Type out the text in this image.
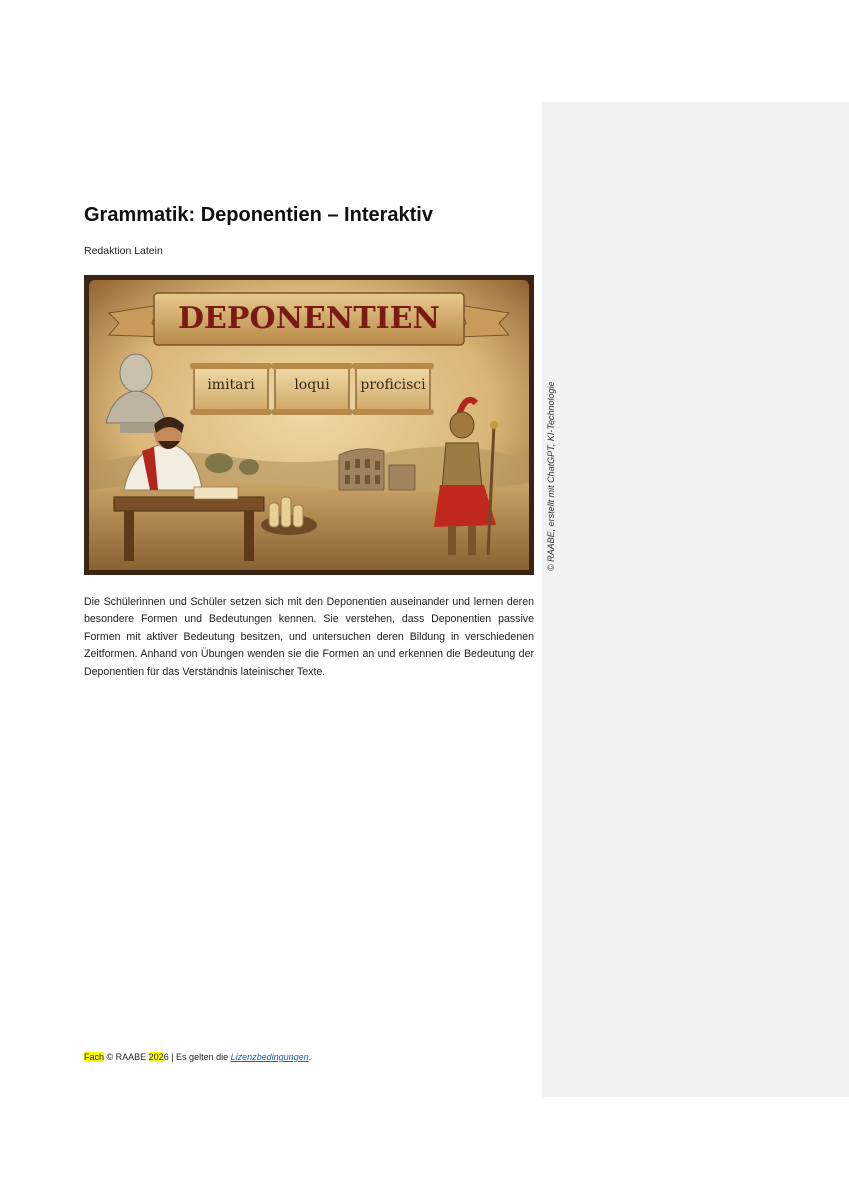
Grammatik: Deponentien – Interaktiv
Redaktion Latein
DEPONENTIEN
imitari	loqui proficisci	© RAABE, erstellt mit ChatGPT, KI-Technologie

Die Schülerinnen und Schüler setzen sich mit den Deponentien auseinander und lernen deren besondere Formen und Bedeutungen kennen. Sie verstehen, dass Deponentien passive Formen mit aktiver Bedeutung besitzen, und untersuchen deren Bildung in verschiedenen Zeitformen. Anhand von Übungen wenden sie die Formen an und erkennen die Bedeutung der Deponentien für das Verständnis lateinischer Texte.

Fach © RAABE 2026 | Es gelten die Lizenzbedingungen.
